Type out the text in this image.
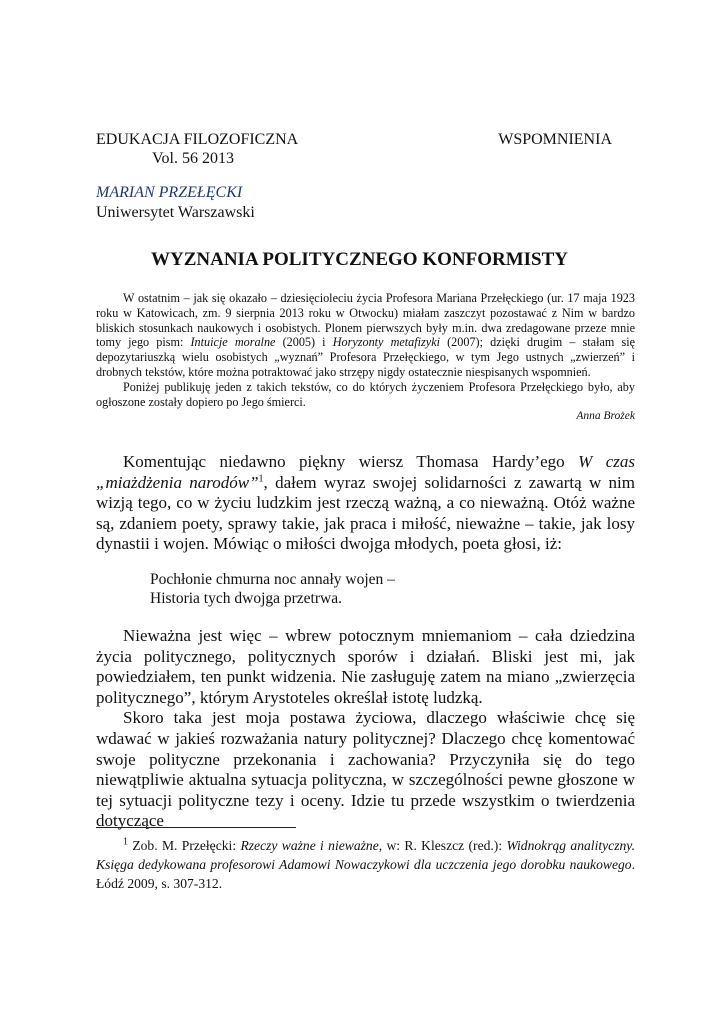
EDUKACJA FILOZOFICZNA	WSPOMNIENIA
Vol. 56 2013
MARIAN PRZEŁĘCKI
Uniwersytet Warszawski
WYZNANIA POLITYCZNEGO KONFORMISTY

W ostatnim – jak się okazało – dziesięcioleciu życia Profesora Mariana Przełęckiego (ur. 17 maja 1923 roku w Katowicach, zm. 9 sierpnia 2013 roku w Otwocku) miałam zaszczyt pozostawać z Nim w bardzo bliskich stosunkach naukowych i osobistych. Plonem pierwszych były m.in. dwa zredagowane przeze mnie tomy jego pism: Intuicje moralne (2005) i Horyzonty metafizyki (2007); dzięki drugim – stałam się depozytariuszką wielu osobistych „wyznań” Profesora Przełęckiego, w tym Jego ustnych „zwierzeń” i drobnych tekstów, które można potraktować jako strzępy nigdy ostatecznie niespisanych wspomnień.

Poniżej publikuję jeden z takich tekstów, co do których życzeniem Profesora Przełęckiego było, aby ogłoszone zostały dopiero po Jego śmierci.

Anna Brożek

Komentując niedawno piękny wiersz Thomasa Hardy’ego W czas „miażdżenia narodów”$^1$, dałem wyraz swojej solidarności z zawartą w nim wizją tego, co w życiu ludzkim jest rzeczą ważną, a co nieważną. Otóż ważne są, zdaniem poety, sprawy takie, jak praca i miłość, nieważne – takie, jak losy dynastii i wojen. Mówiąc o miłości dwojga młodych, poeta głosi, iż:

Pochłonie chmurna noc annały wojen –
Historia tych dwojga przetrwa.

Nieważna jest więc – wbrew potocznym mniemaniom – cała dziedzina życia politycznego, politycznych sporów i działań. Bliski jest mi, jak powiedziałem, ten punkt widzenia. Nie zasługuję zatem na miano „zwierzęcia politycznego”, którym Arystoteles określał istotę ludzką.

Skoro taka jest moja postawa życiowa, dlaczego właściwie chcę się wdawać w jakieś rozważania natury politycznej? Dlaczego chcę komentować swoje polityczne przekonania i zachowania? Przyczyniła się do tego niewątpliwie aktualna sytuacja polityczna, w szczególności pewne głoszone w tej sytuacji polityczne tezy i oceny. Idzie tu przede wszystkim o twierdzenia dotyczące

$^1$ Zob. M. Przełęcki: Rzeczy ważne i nieważne, w: R. Kleszcz (red.): Widnokrąg analityczny. Księga dedykowana profesorowi Adamowi Nowaczykowi dla uczczenia jego dorobku naukowego. Łódź 2009, s. 307-312.
